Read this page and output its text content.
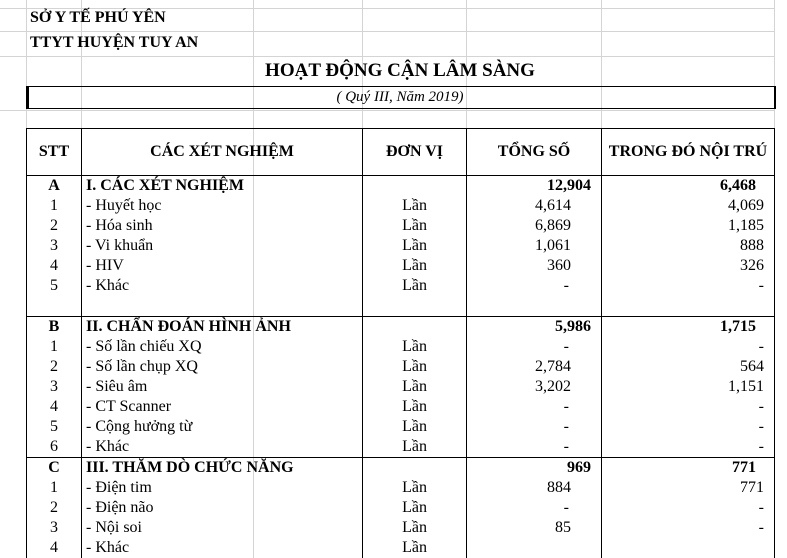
SỞ Y TẾ PHÚ YÊN
TTYT HUYỆN TUY AN
HOẠT ĐỘNG CẬN LÂM SÀNG
( Quý III, Năm 2019)
STT	CÁC XÉT NGHIỆM	ĐƠN VỊ	TỔNG SỐ	TRONG ĐÓ NỘI TRÚ
A	I. CÁC XÉT NGHIỆM		12,904	6,468
1	- Huyết học	Lần	4,614	4,069
2	- Hóa sinh	Lần	6,869	1,185
3	- Vi khuẩn	Lần	1,061	888
4	- HIV	Lần	360	326
5	- Khác	Lần	-	-

B	II. CHẨN ĐOÁN HÌNH ẢNH		5,986	1,715
1	- Số lần chiếu XQ	Lần	-	-
2	- Số lần chụp XQ	Lần	2,784	564
3	- Siêu âm	Lần	3,202	1,151
4	- CT Scanner	Lần	-	-
5	- Cộng hưởng từ	Lần	-	-
6	- Khác	Lần	-	-
C	III. THĂM DÒ CHỨC NĂNG		969	771
1	- Điện tim	Lần	884	771
2	- Điện não	Lần	-	-
3	- Nội soi	Lần	85	-
4	- Khác	Lần		
